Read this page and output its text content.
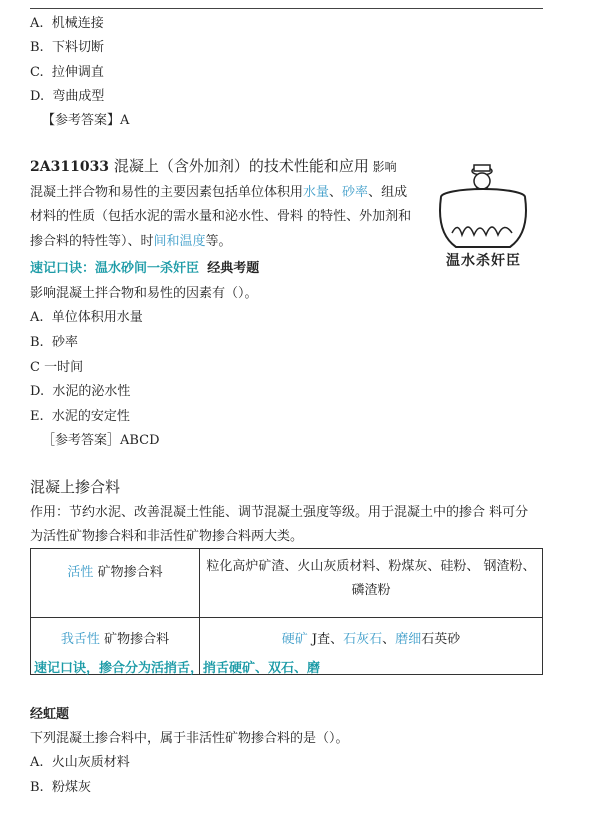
A. 机械连接
B. 下料切断
C. 拉伸调直
D. 弯曲成型
【参考答案】A
2A311033 混凝上（含外加剂）的技术性能和应用 影响
混凝土拌合物和易性的主要因素包括单位体积用水量、砂率、组成
材料的性质（包括水泥的需水量和泌水性、骨料 的特性、外加剂和
掺合料的特性等）、时间和温度等。
速记口诀：温水砂间一杀奸臣 经典考题	温水杀奸臣
影响混凝土拌合物和易性的因素有（）。
A. 单位体积用水量
B. 砂率
C 一时间
D. 水泥的泌水性
E. 水泥的安定性
［参考答案］ABCD
混凝上掺合料
作用：节约水泥、改善混凝土性能、调节混凝土强度等级。用于混凝土中的掺合 料可分
为活性矿物掺合料和非活性矿物掺合料两大类。
活性 矿物掺合料	粒化高炉矿渣、火山灰质材料、粉煤灰、硅粉、 钢渣粉、
磷渣粉
我舌性 矿物掺合料	硬矿 J査、石灰石、磨细石英砂
速记口诀，掺合分为活捎舌，捎舌硬矿、双石、磨
经虹题
下列混凝土掺合料中，属于非活性矿物掺合料的是（）。
A. 火山灰质材料
B. 粉煤灰
